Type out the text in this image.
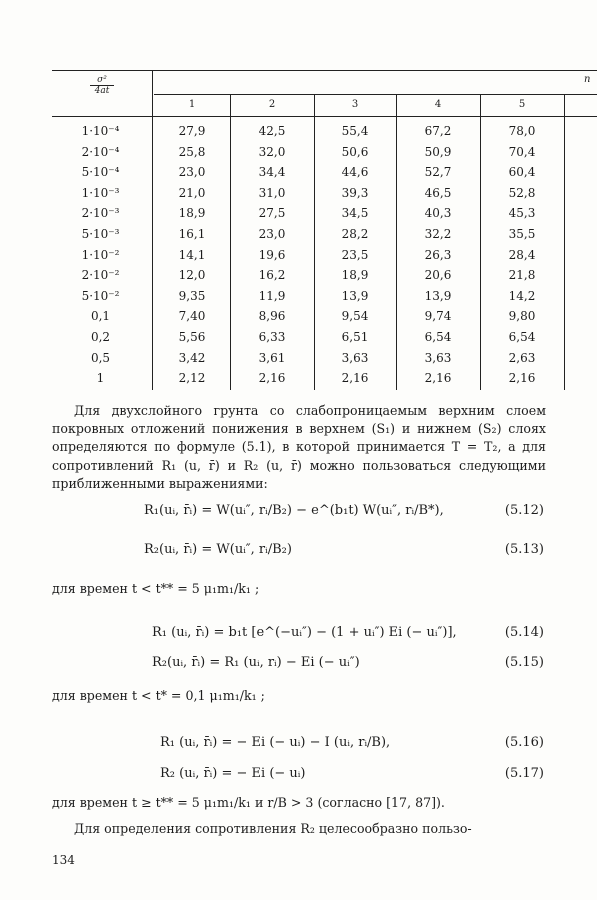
$\frac{\text{σ²}}{4at}$	n
1	2	3	4	5
1·10⁻⁴	27,9	42,5	55,4	67,2	78,0
2·10⁻⁴	25,8	32,0	50,6	50,9	70,4
5·10⁻⁴	23,0	34,4	44,6	52,7	60,4
1·10⁻³	21,0	31,0	39,3	46,5	52,8
2·10⁻³	18,9	27,5	34,5	40,3	45,3
5·10⁻³	16,1	23,0	28,2	32,2	35,5
1·10⁻²	14,1	19,6	23,5	26,3	28,4
2·10⁻²	12,0	16,2	18,9	20,6	21,8
5·10⁻²	9,35	11,9	13,9	13,9	14,2
0,1	7,40	8,96	9,54	9,74	9,80
0,2	5,56	6,33	6,51	6,54	6,54
0,5	3,42	3,61	3,63	3,63	2,63
1	2,12	2,16	2,16	2,16	2,16
Для двухслойного грунта со слабопроницаемым верхним слоем покровных отложений понижения в верхнем (S₁) и нижнем (S₂) слоях определяются по формуле (5.1), в которой принимается T = T₂, а для сопротивлений R₁ (u, r̄) и R₂ (u, r̄) можно пользоваться следующими приближенными выражениями:
R₁(uᵢ, r̄ᵢ) = W(uᵢ″, rᵢ/B₂) − e^(b₁t) W(uᵢ″, rᵢ/B*),	(5.12)
R₂(uᵢ, r̄ᵢ) = W(uᵢ″, rᵢ/B₂)	(5.13)
для времен t < t** = 5 μ₁m₁/k₁ ;
R₁ (uᵢ, r̄ᵢ) = b₁t [e^(−uᵢ″) − (1 + uᵢ″) Ei (− uᵢ″)],	(5.14)
R₂(uᵢ, r̄ᵢ) = R₁ (uᵢ, rᵢ) − Ei (− uᵢ″)	(5.15)
для времен t < t* = 0,1 μ₁m₁/k₁ ;
R₁ (uᵢ, r̄ᵢ) = − Ei (− uᵢ) − I (uᵢ, rᵢ/B),	(5.16)
R₂ (uᵢ, r̄ᵢ) = − Ei (− uᵢ)	(5.17)
для времен t ≥ t** = 5 μ₁m₁/k₁ и r/B > 3 (согласно [17, 87]).
Для определения сопротивления R₂ целесообразно пользо-
134
